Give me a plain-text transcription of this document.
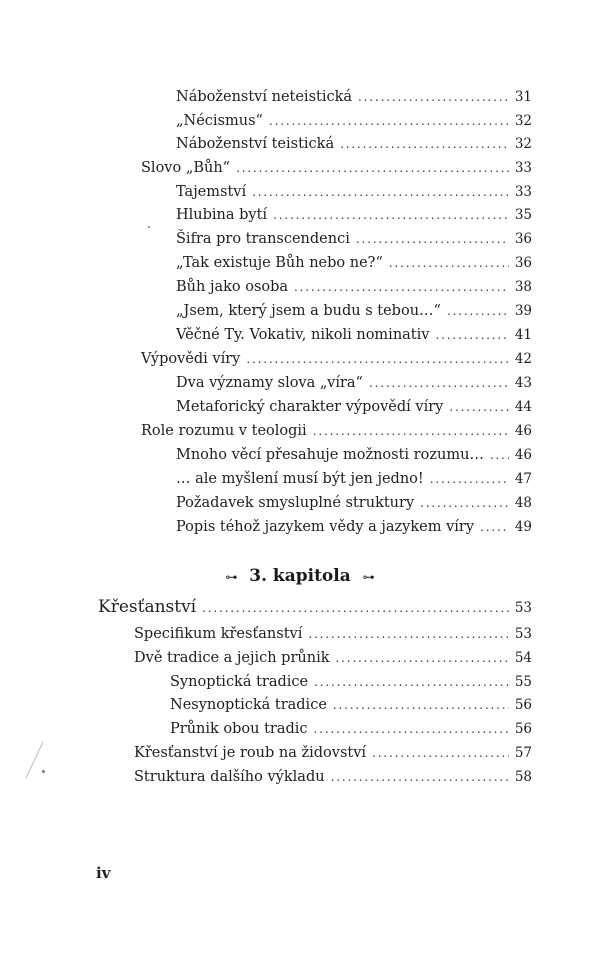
Náboženství neteistická . . .	31
„Nécismus“ . . .	32
Náboženství teistická . . .	32
Slovo „Bůh“ . . .	33
Tajemství . . .	33
Hlubina bytí . . .	35
Šifra pro transcendenci . . .	36
„Tak existuje Bůh nebo ne?“ . . .	36
Bůh jako osoba . . .	38
„Jsem, který jsem a budu s tebou…“ . . .	39
Věčné Ty. Vokativ, nikoli nominativ . . .	41
Výpovědi víry . . .	42
Dva významy slova „víra“ . . .	43
Metaforický charakter výpovědí víry . . .	44
Role rozumu v teologii . . .	46
Mnoho věcí přesahuje možnosti rozumu… . . . 46
… ale myšlení musí být jen jedno! . . .	47
Požadavek smysluplné struktury . . .	48
Popis téhož jazykem vědy a jazykem víry . . .	49
⊶ 3. kapitola ⊶
Křesťanství . . .	53
Specifikum křesťanství . . .	53
Dvě tradice a jejich průnik . . .	54
Synoptická tradice . . .	55
Nesynoptická tradice . . .	56
Průnik obou tradic . . .	56
Křesťanství je roub na židovství . . .	57
Struktura dalšího výkladu . . .	58
iv
